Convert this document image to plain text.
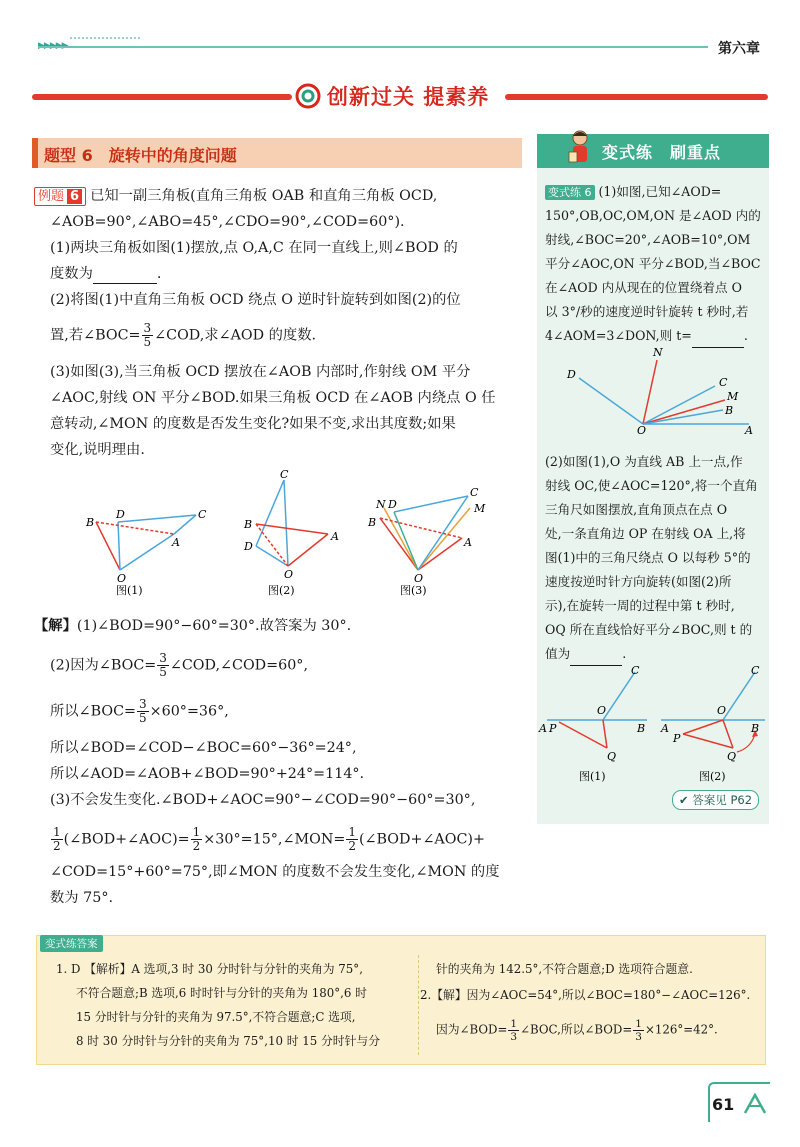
第六章
创新过关 提素养
题型 6　旋转中的角度问题
例题 6 已知一副三角板(直角三角板 OAB 和直角三角板 OCD,
∠AOB=90°,∠ABO=45°,∠CDO=90°,∠COD=60°).
(1)两块三角板如图(1)摆放,点 O,A,C 在同一直线上,则∠BOD 的
度数为	.
(2)将图(1)中直角三角板 OCD 绕点 O 逆时针旋转到如图(2)的位
置,若∠BOC= $\frac{3}{5}$ ∠COD,求∠AOD 的度数.
(3)如图(3),当三角板 OCD 摆放在∠AOB 内部时,作射线 OM 平分
∠AOC,射线 ON 平分∠BOD.如果三角板 OCD 在∠AOB 内绕点 O 任
意转动,∠MON 的度数是否发生变化?如果不变,求出其度数;如果
变化,说明理由.
B
D	C
A
O
图(1)
C
B
D
A
O
图(2)
N
B
D
C
M
A
O
图(3)
【解】(1)∠BOD=90°−60°=30°.故答案为 30°.
(2)因为∠BOC= $\frac{3}{5}$ ∠COD,∠COD=60°,
所以∠BOC= $\frac{3}{5} \times 60^\circ=36^\circ$,
所以∠BOD=∠COD−∠BOC=60°−36°=24°,
所以∠AOD=∠AOB+∠BOD=90°+24°=114°.
(3)不会发生变化.∠BOD+∠AOC=90°−∠COD=90°−60°=30°,
$\frac{1}{2}$ (∠BOD+∠AOC)= $\frac{1}{2}$ ×30°=15°,∠MON= $\frac{1}{2}$ (∠BOD+∠AOC)+
∠COD=15°+60°=75°,即∠MON 的度数不会发生变化,∠MON 的度
数为 75°.
变式练 6 (1)如图,已知∠AOD=
150°,OB,OC,OM,ON 是∠AOD 内的
射线,∠BOC=20°,∠AOB=10°,OM
平分∠AOC,ON 平分∠BOD,当∠BOC
在∠AOD 内从现在的位置绕着点 O
以 3°/秒的速度逆时针旋转 t 秒时,若
4∠AOM=3∠DON,则 t=	.
N
D
C
M
B
A
O
(2)如图(1),O 为直线 AB 上一点,作
射线 OC,使∠AOC=120°,将一个直角
三角尺如图摆放,直角顶点在点 O
处,一条直角边 OP 在射线 OA 上,将
图(1)中的三角尺绕点 O 以每秒 5°的
速度按逆时针方向旋转(如图(2)所
示),在旋转一周的过程中第 t 秒时,
OQ 所在直线恰好平分∠BOC,则 t 的
值为	.
C
O
A P	B
Q
图(1)
C
O
A
P
B
Q
图(2)
变式练　刷重点
✔ 答案见 P62
变式练答案
1. D 【解析】A 选项,3 时 30 分时针与分针的夹角为 75°,
不符合题意;B 选项,6 时时针与分针的夹角为 180°,6 时
15 分时针与分针的夹角为 97.5°,不符合题意;C 选项,
8 时 30 分时针与分针的夹角为 75°,10 时 15 分时针与分
针的夹角为 142.5°,不符合题意;D 选项符合题意.
2.【解】因为∠AOC=54°,所以∠BOC=180°−∠AOC=126°.
因为∠BOD= $\frac{1}{3}$ ∠BOC,所以∠BOD= $\frac{1}{3} \times 126^\circ=42^\circ$.
61
